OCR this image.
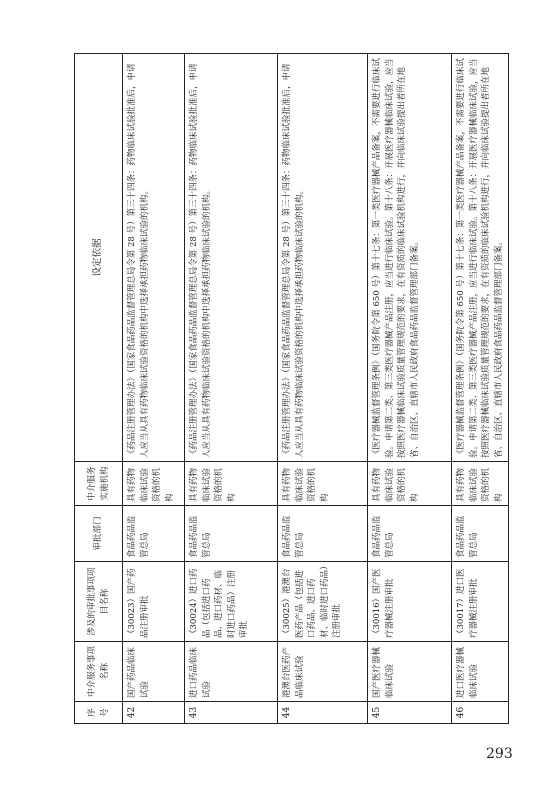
序号	中介服务事项名称	涉及的审批事项项目名称	审批部门	中介服务实施机构	设定依据
42	国产药品临床试验	（30023）国产药品注册审批	食品药品监管总局	具有药物临床试验资格的机构	《药品注册管理办法》（国家食品药品监督管理总局令第 28 号）第三十四条：药物临床试验批准后，申请人应当从具有药物临床试验资格的机构中选择承担药物临床试验的机构。
43	进口药品临床试验	（30024）进口药品（包括进口药品、进口药材、临时进口药品）注册审批	食品药品监管总局	具有药物临床试验资格的机构	《药品注册管理办法》（国家食品药品监督管理总局令第 28 号）第三十四条：药物临床试验批准后，申请人应当从具有药物临床试验资格的机构中选择承担药物临床试验的机构。
44	港澳台医药产品临床试验	（30025）港澳台医药产品（包括进口药品、进口药材、临时进口药品）注册审批	食品药品监管总局	具有药物临床试验资格的机构	《药品注册管理办法》（国家食品药品监督管理总局令第 28 号）第三十四条：药物临床试验批准后，申请人应当从具有药物临床试验资格的机构中选择承担药物临床试验的机构。
45	国产医疗器械临床试验	（30016）国产医疗器械注册审批	食品药品监管总局	具有药物临床试验资格的机构	《医疗器械监督管理条例》（国务院令第 650 号）第十七条：第一类医疗器械产品备案，不需要进行临床试验。申请第二类、第三类医疗器械产品注册，应当进行临床试验。第十八条：开展医疗器械临床试验，应当按照医疗器械临床试验质量管理规范的要求，在有资质的临床试验机构进行，并向临床试验提出者所在地省、自治区、直辖市人民政府食品药品监督管理部门备案。
46	进口医疗器械临床试验	（30017）进口医疗器械注册审批	食品药品监管总局	具有药物临床试验资格的机构	《医疗器械监督管理条例》（国务院令第 650 号）第十七条：第一类医疗器械产品备案，不需要进行临床试验。申请第二类、第三类医疗器械产品注册，应当进行临床试验。第十八条：开展医疗器械临床试验，应当按照医疗器械临床试验质量管理规范的要求，在有资质的临床试验机构进行，并向临床试验提出者所在地省、自治区、直辖市人民政府食品药品监督管理部门备案。
293
